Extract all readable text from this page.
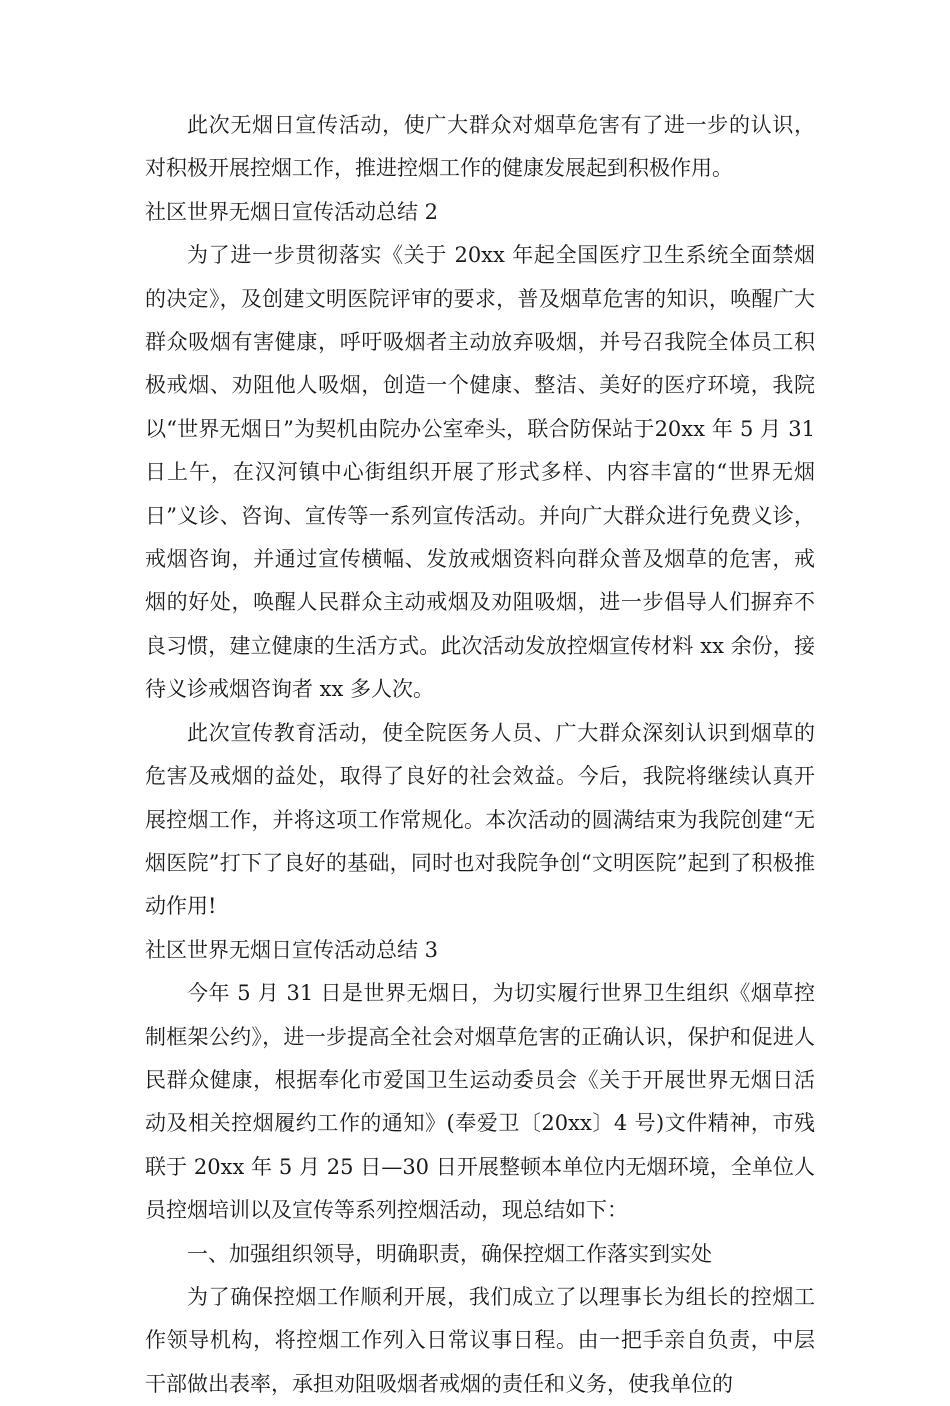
此次无烟日宣传活动，使广大群众对烟草危害有了进一步的认识，对积极开展控烟工作，推进控烟工作的健康发展起到积极作用。

社区世界无烟日宣传活动总结 2

为了进一步贯彻落实《关于 20xx 年起全国医疗卫生系统全面禁烟的决定》，及创建文明医院评审的要求，普及烟草危害的知识，唤醒广大群众吸烟有害健康，呼吁吸烟者主动放弃吸烟，并号召我院全体员工积极戒烟、劝阻他人吸烟，创造一个健康、整洁、美好的医疗环境，我院以“世界无烟日”为契机由院办公室牵头，联合防保站于20xx 年 5 月 31 日上午，在汉河镇中心街组织开展了形式多样、内容丰富的“世界无烟日”义诊、咨询、宣传等一系列宣传活动。并向广大群众进行免费义诊，戒烟咨询，并通过宣传横幅、发放戒烟资料向群众普及烟草的危害，戒烟的好处，唤醒人民群众主动戒烟及劝阻吸烟，进一步倡导人们摒弃不良习惯，建立健康的生活方式。此次活动发放控烟宣传材料 xx 余份，接待义诊戒烟咨询者 xx 多人次。

此次宣传教育活动，使全院医务人员、广大群众深刻认识到烟草的危害及戒烟的益处，取得了良好的社会效益。今后，我院将继续认真开展控烟工作，并将这项工作常规化。本次活动的圆满结束为我院创建“无烟医院”打下了良好的基础，同时也对我院争创“文明医院”起到了积极推动作用!

社区世界无烟日宣传活动总结 3

今年 5 月 31 日是世界无烟日，为切实履行世界卫生组织《烟草控制框架公约》，进一步提高全社会对烟草危害的正确认识，保护和促进人民群众健康，根据奉化市爱国卫生运动委员会《关于开展世界无烟日活动及相关控烟履约工作的通知》(奉爱卫〔20xx〕4 号)文件精神，市残联于 20xx 年 5 月 25 日—30 日开展整顿本单位内无烟环境，全单位人员控烟培训以及宣传等系列控烟活动，现总结如下：

一、加强组织领导，明确职责，确保控烟工作落实到实处

为了确保控烟工作顺利开展，我们成立了以理事长为组长的控烟工作领导机构，将控烟工作列入日常议事日程。由一把手亲自负责，中层干部做出表率，承担劝阻吸烟者戒烟的责任和义务，使我单位的
